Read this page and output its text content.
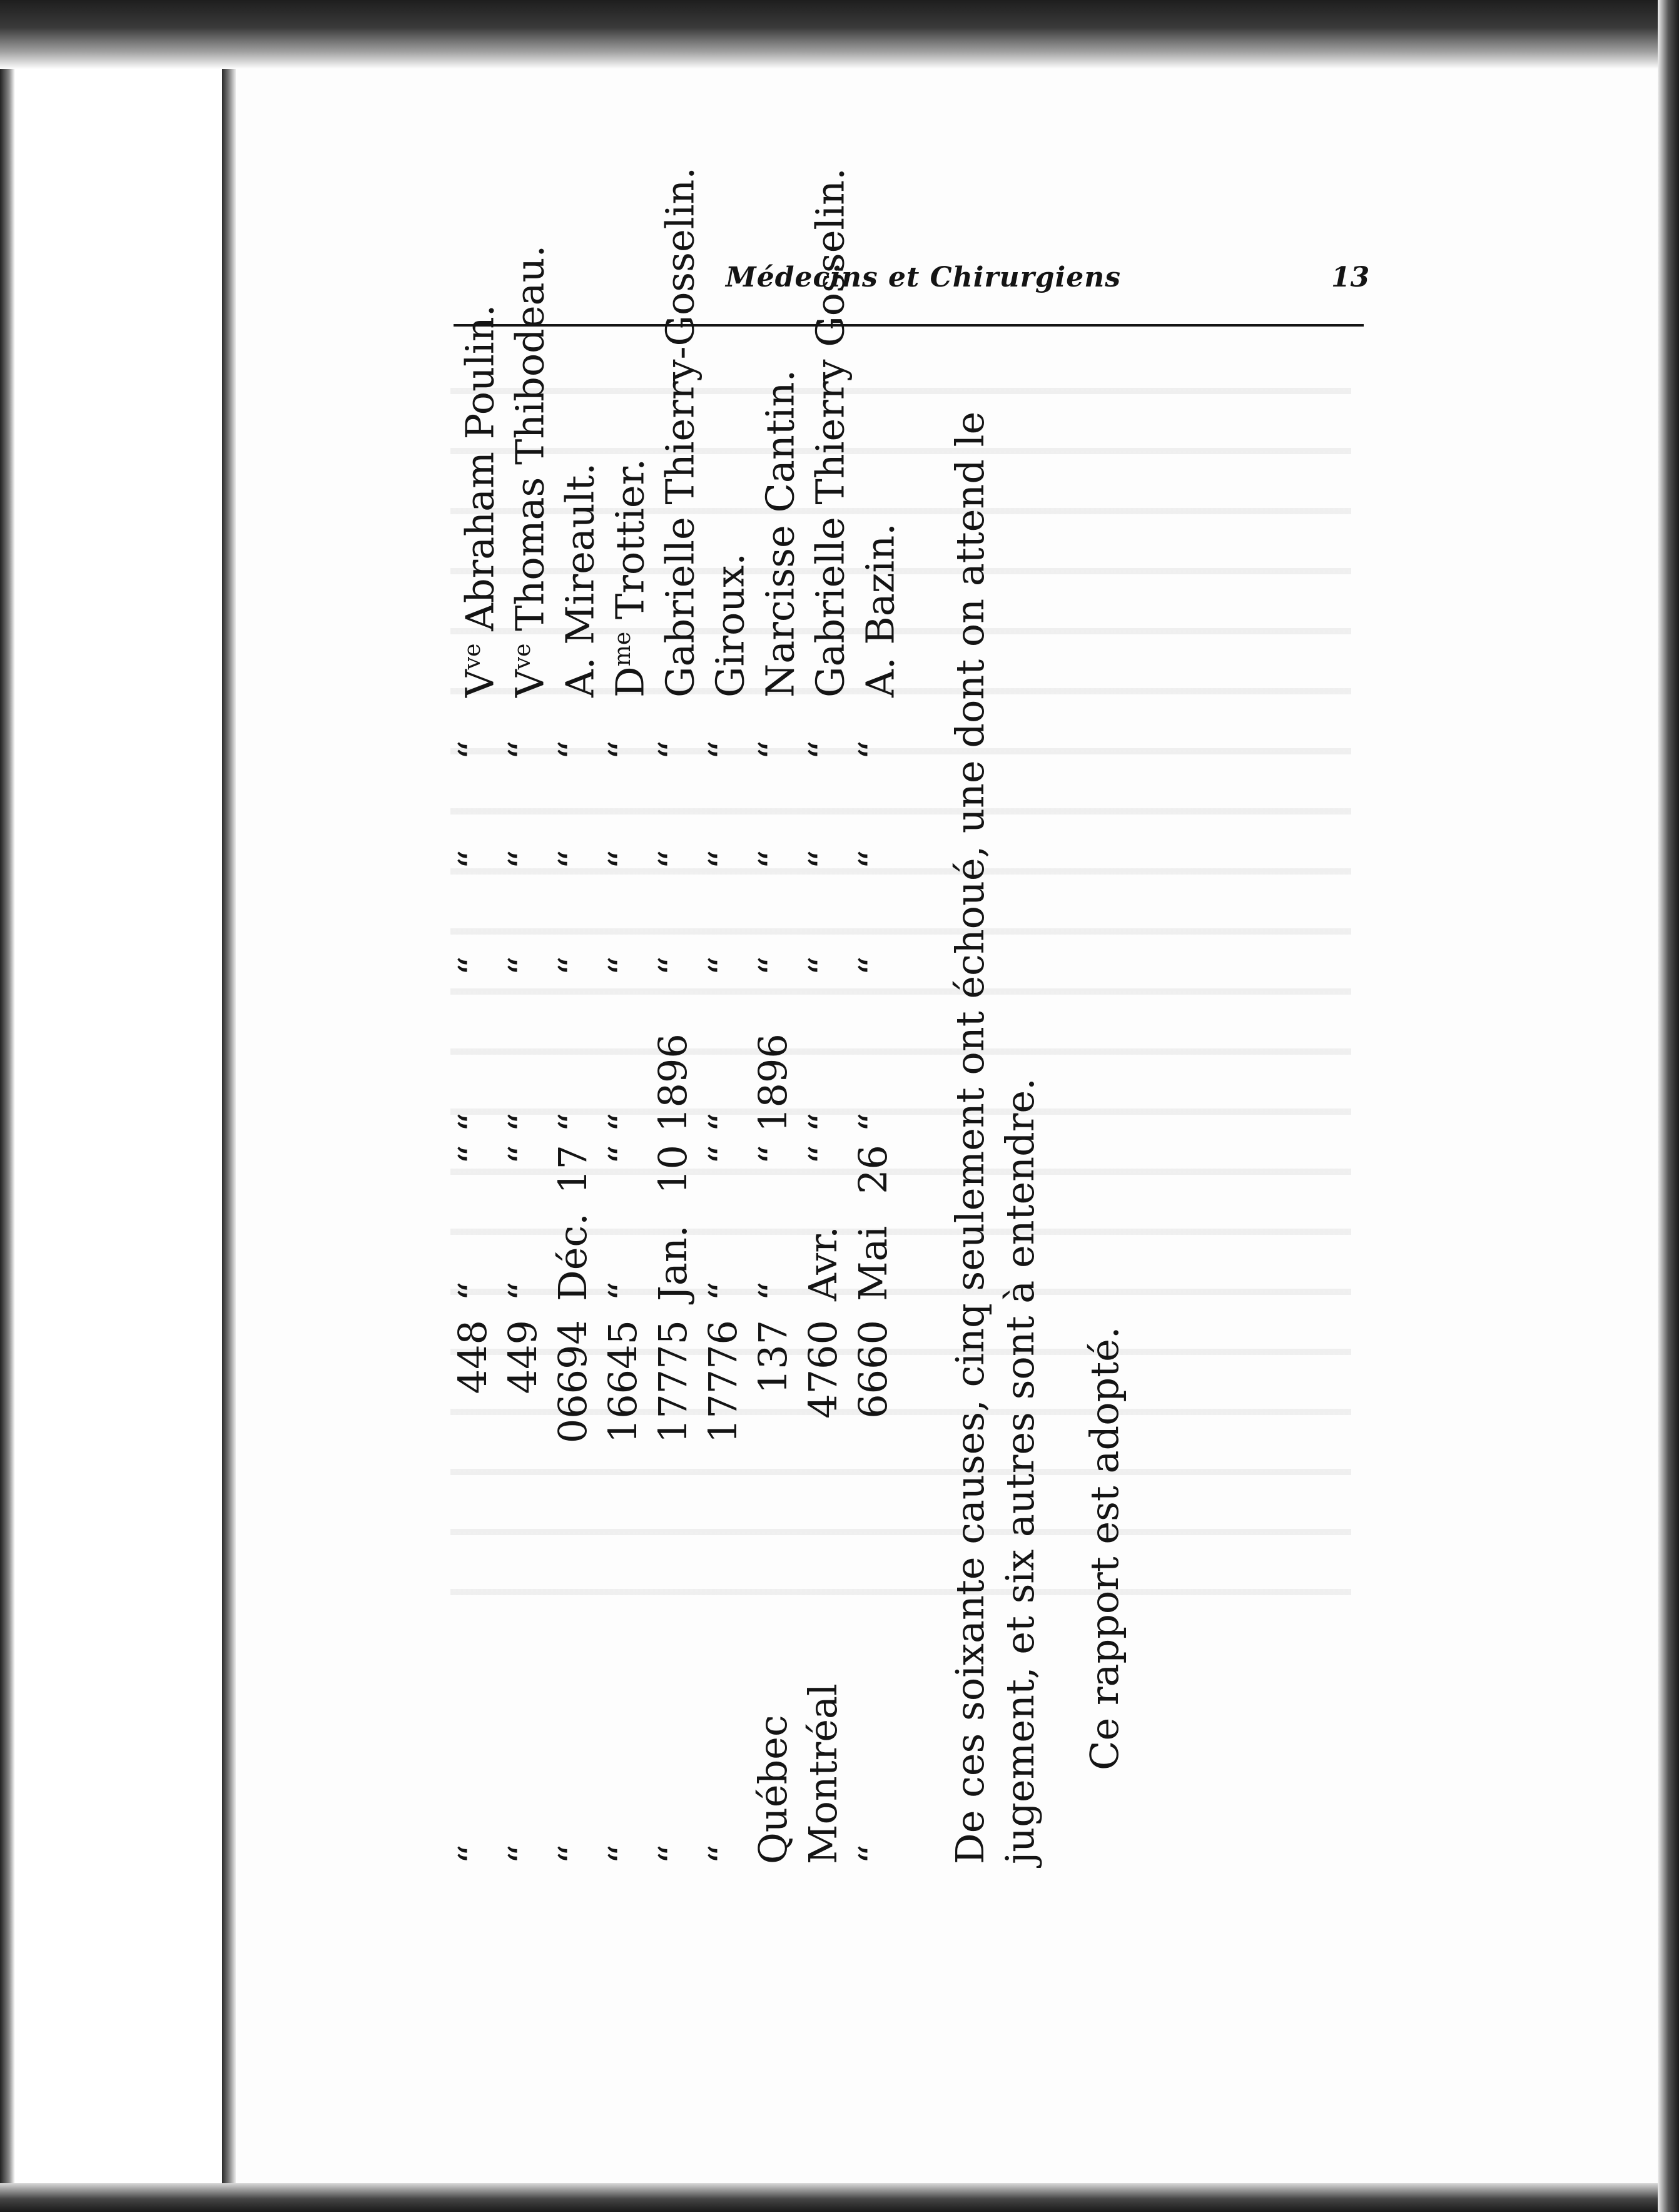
Médecins et Chirurgiens	13
“
448
“
“
“
“
“
“
$V^{ve}$ Abraham Poulin.
“
449
“
“
“
“
“
“
$V^{ve}$ Thomas Thibodeau.
“
06694
Déc.
17
“
“
“
“
A. Mireault.
“
16645
“
“
“
“
“
“
$D^{me}$ Trottier.
“
17775
Jan.
10
1896
“
“
“
Gabrielle Thierry-Gosselin.
“
17776
“
“
“
“
“
“
Giroux.
Québec
137
“
“
1896
“
“
“
Narcisse Cantin.
Montréal
4760
Avr.
“
“
“
“
“
Gabrielle Thierry Gosselin.
“
6660
Mai
26
“
“
“
“
A. Bazin. De ces soixante causes, cinq seulement ont échoué, une dont on attend le jugement, et six autres sont à entendre. Ce rapport est adopté.
